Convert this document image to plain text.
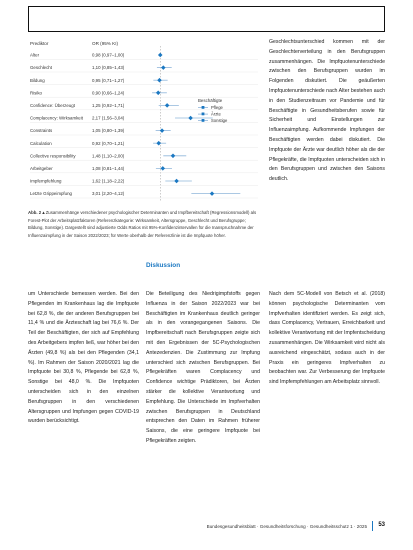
Prediktor	OR (95% KI)
Alter	0,98 (0,97–1,00)
Geschlecht	1,10 (0,85–1,43)
Bildung	0,95 (0,71–1,27)
Risiko	0,90 (0,66–1,24)
Confidence: Überzeugt	1,25 (0,92–1,71)
Complacency: Wirksamkeit 2,17 (1,56–3,04)
Constraints	1,05 (0,80–1,39)
Calculation	0,92 (0,70–1,21)
Collective responsibility	1,48 (1,10–2,00)
Arbeitgeber	1,08 (0,81–1,44)
Impfempfehlung	1,62 (1,18–2,22)
Letzte Grippeimpfung	3,01 (2,20–4,12)
Beschäftigte
Pflege
Ärzte
Sonstige

Abb. 2 ▴ Zusammenhänge verschiedener psychologischer Determinanten und Impfbereitschaft (Regressionsmodell) als Forest-Plot der Arbeitsplatzfaktoren (Referenzkategorie: Wirksamkeit, Altersgruppe, Geschlecht und Berufsgruppe; Bildung, Sonstige). Dargestellt sind adjustierte Odds Ratios mit 95%-Konfidenzintervallen für die Inanspruchnahme der Influenzaimpfung in der Saison 2022/2023; für Werte oberhalb der Referenzlinie ist die Impfquote höher.

Diskussion

Geschlechtsunterschied kommen mit der Geschlechterverteilung in den Berufsgruppen zusammenhängen. Die Impfquotenunterschiede zwischen den Berufsgruppen wurden im Folgenden diskutiert. Die geäußerten Impfquotenunterschiede nach Alter bestehen auch in den Studienzeitraum vor Pandemie und für Beschäftigte in Gesundheitsberufen sowie für Sicherheit und Einstellungen zur Influenzaimpfung. Aufkommende Impfungen der Beschäftigten werden dabei diskutiert. Die Impfquote der Ärzte war deutlich höher als die der Pflegekräfte, die Impfquoten unterscheiden sich in den Berufsgruppen und zwischen den Saisons deutlich.

um Unterschiede bemessen werden. Bei den Pflegenden im Krankenhaus lag die Impfquote bei 62,8 %, die der anderen Berufsgruppen bei 11,4 % und die Ärzteschaft lag bei 76,6 %. Der Teil der Beschäftigten, der sich auf Empfehlung des Arbeitgebers impfen ließ, war höher bei den Ärzten (49,8 %) als bei den Pflegenden (34,1 %). Im Rahmen der Saison 2020/2021 lag die Impfquote bei 30,8 %, Pflegende bei 62,8 %, Sonstige bei 48,0 %. Die Impfquoten unterscheiden sich in den einzelnen Berufsgruppen in den verschiedenen Altersgruppen und Impfungen gegen COVID-19 wurden berücksichtigt.

Die Beteiligung des Niedrigimpfstoffs gegen Influenza in der Saison 2022/2023 war bei Beschäftigten im Krankenhaus deutlich geringer als in den vorangegangenen Saisons. Die Impfbereitschaft nach Berufsgruppen zeigte sich mit den Ergebnissen der 5C-Psychologischen Antezedenzien. Die Zustimmung zur Impfung unterschied sich zwischen Berufsgruppen. Bei Pflegekräften waren Complacency und Confidence wichtige Prädiktoren, bei Ärzten stärker die kollektive Verantwortung und Empfehlung. Die Unterschiede im Impfverhalten zwischen Berufsgruppen in Deutschland entsprechen den Daten im Rahmen früherer Saisons, die eine geringere Impfquote bei Pflegekräften zeigten.

Nach dem 5C-Modell von Betsch et al. (2018) können psychologische Determinanten vom Impfverhalten identifiziert werden. Es zeigt sich, dass Complacency, Vertrauen, Erreichbarkeit und kollektive Verantwortung mit der Impfentscheidung zusammenhängen. Die Wirksamkeit wird nicht als ausreichend eingeschätzt, sodass auch in der Praxis ein geringeres Impfverhalten zu beobachten war. Zur Verbesserung der Impfquote sind Impfempfehlungen am Arbeitsplatz sinnvoll.

Bundesgesundheitsblatt · Gesundheitsforschung · Gesundheitsschutz 1 · 2025 53
